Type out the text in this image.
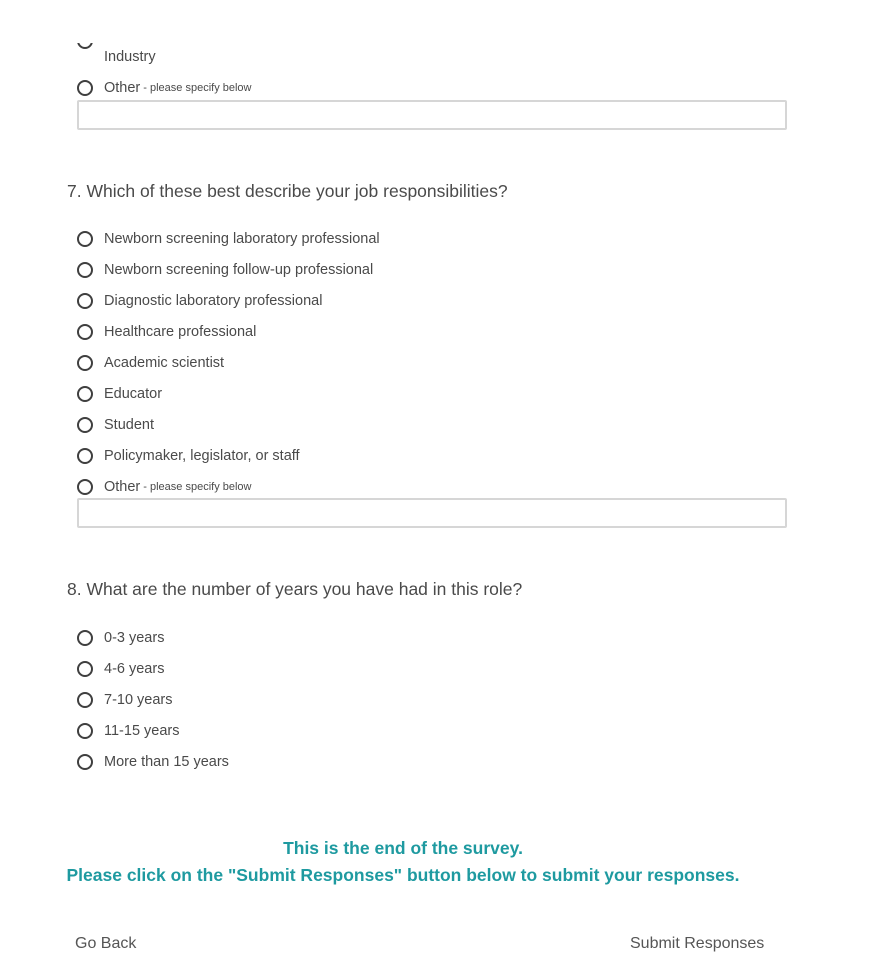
Industry
Other - please specify below
7. Which of these best describe your job responsibilities?
Newborn screening laboratory professional
Newborn screening follow-up professional
Diagnostic laboratory professional
Healthcare professional
Academic scientist
Educator
Student
Policymaker, legislator, or staff
Other - please specify below
8. What are the number of years you have had in this role?
0-3 years
4-6 years
7-10 years
11-15 years
More than 15 years
This is the end of the survey.
Please click on the "Submit Responses" button below to submit your responses.
Go Back	Submit Responses
